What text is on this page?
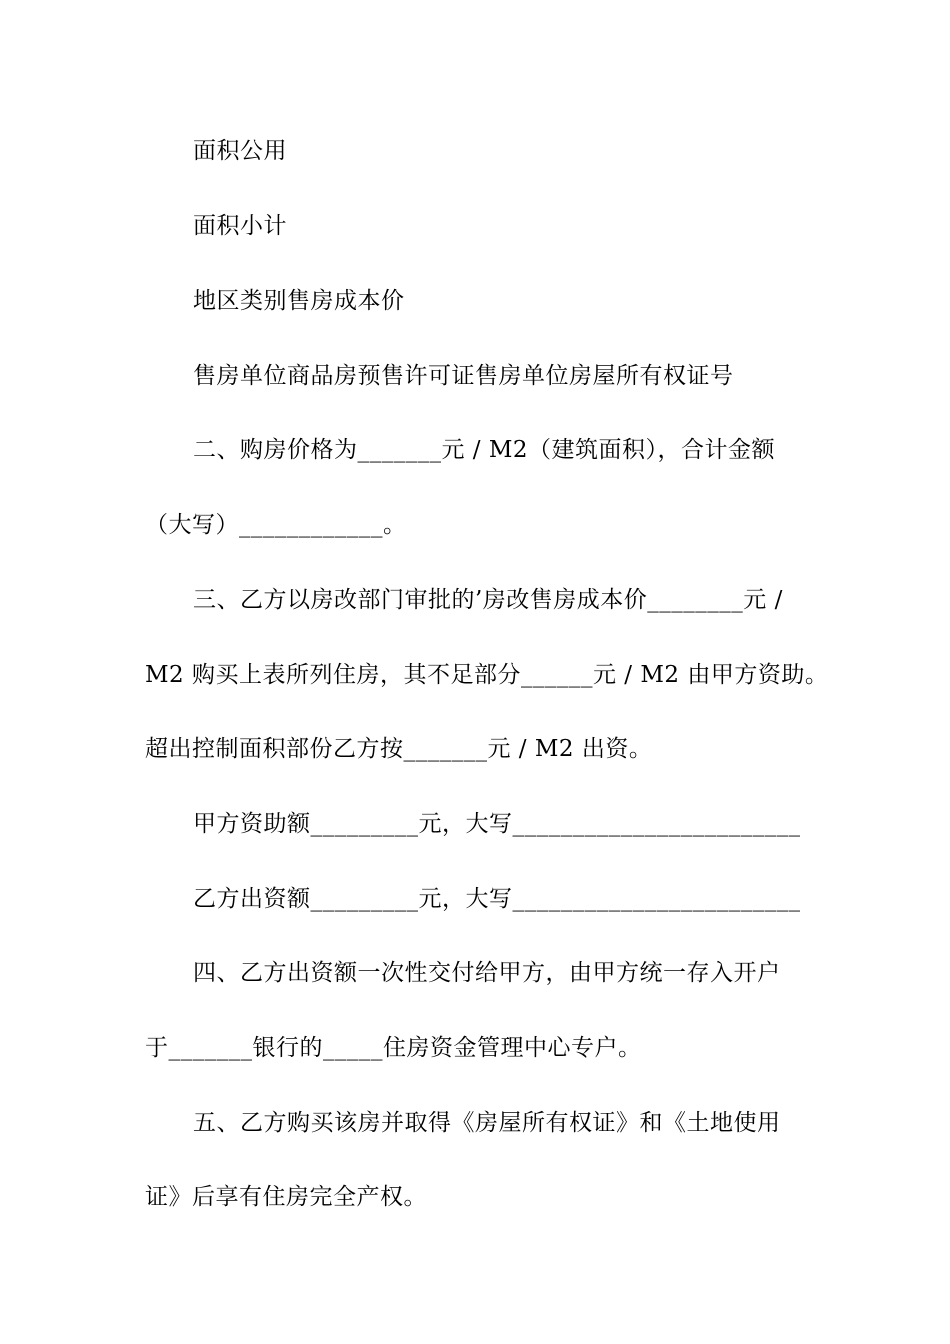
面积公用
面积小计
地区类别售房成本价
售房单位商品房预售许可证售房单位房屋所有权证号
二、购房价格为_______元 / M2（建筑面积），合计金额
（大写）____________。
三、乙方以房改部门审批的’房改售房成本价________元 /
M2 购买上表所列住房，其不足部分______元 / M2 由甲方资助。
超出控制面积部份乙方按_______元 / M2 出资。
甲方资助额_________元，大写________________________
乙方出资额_________元，大写________________________
四、乙方出资额一次性交付给甲方，由甲方统一存入开户
于_______银行的_____住房资金管理中心专户。
五、乙方购买该房并取得《房屋所有权证》和《土地使用
证》后享有住房完全产权。
